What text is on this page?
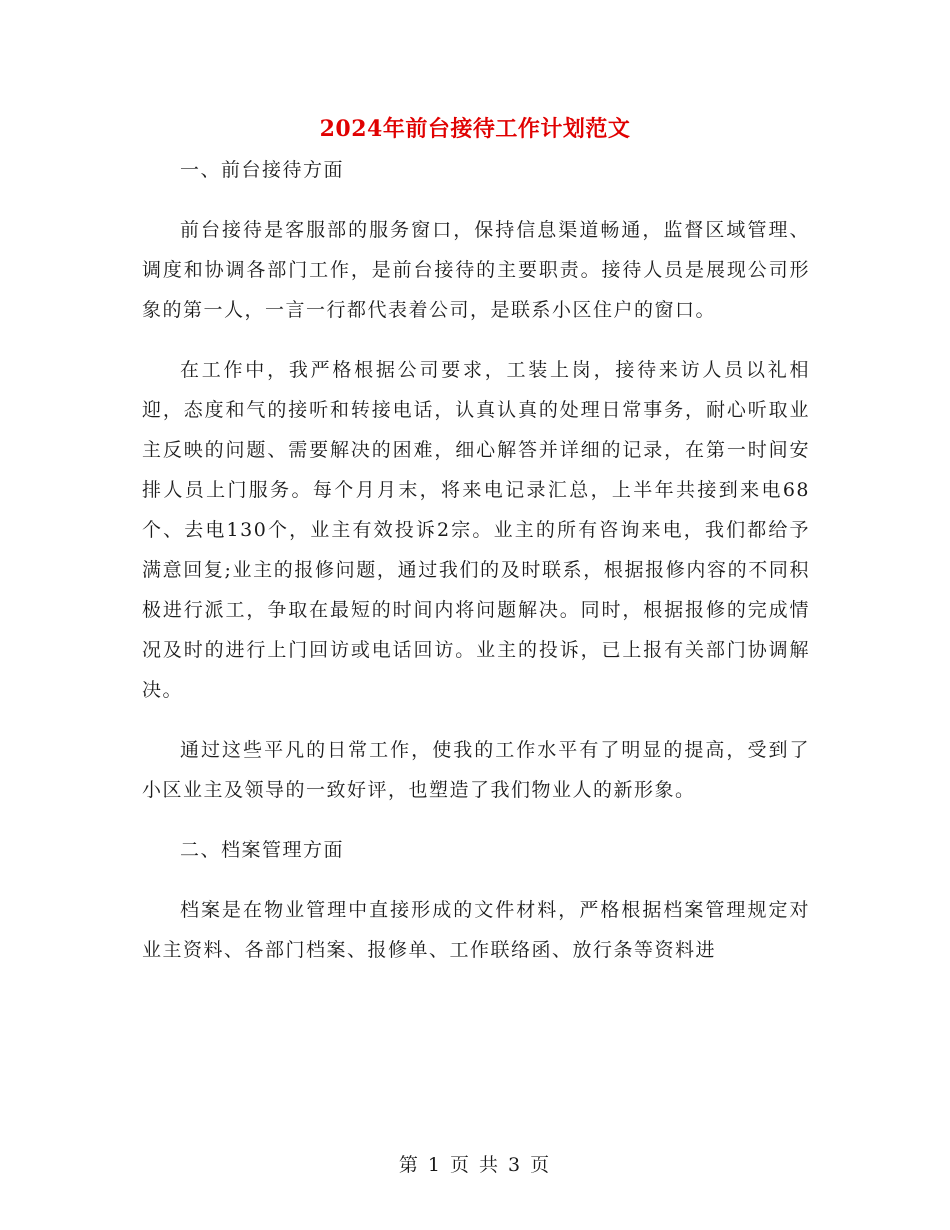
2024年前台接待工作计划范文

一、前台接待方面

前台接待是客服部的服务窗口，保持信息渠道畅通，监督区域管理、调度和协调各部门工作，是前台接待的主要职责。接待人员是展现公司形象的第一人，一言一行都代表着公司，是联系小区住户的窗口。

在工作中，我严格根据公司要求，工装上岗，接待来访人员以礼相迎，态度和气的接听和转接电话，认真认真的处理日常事务，耐心听取业主反映的问题、需要解决的困难，细心解答并详细的记录，在第一时间安排人员上门服务。每个月月末，将来电记录汇总，上半年共接到来电68个、去电130个，业主有效投诉2宗。业主的所有咨询来电，我们都给予满意回复;业主的报修问题，通过我们的及时联系，根据报修内容的不同积极进行派工，争取在最短的时间内将问题解决。同时，根据报修的完成情况及时的进行上门回访或电话回访。业主的投诉，已上报有关部门协调解决。

通过这些平凡的日常工作，使我的工作水平有了明显的提高，受到了小区业主及领导的一致好评，也塑造了我们物业人的新形象。

二、档案管理方面

档案是在物业管理中直接形成的文件材料，严格根据档案管理规定对业主资料、各部门档案、报修单、工作联络函、放行条等资料进

第 1 页 共 3 页
